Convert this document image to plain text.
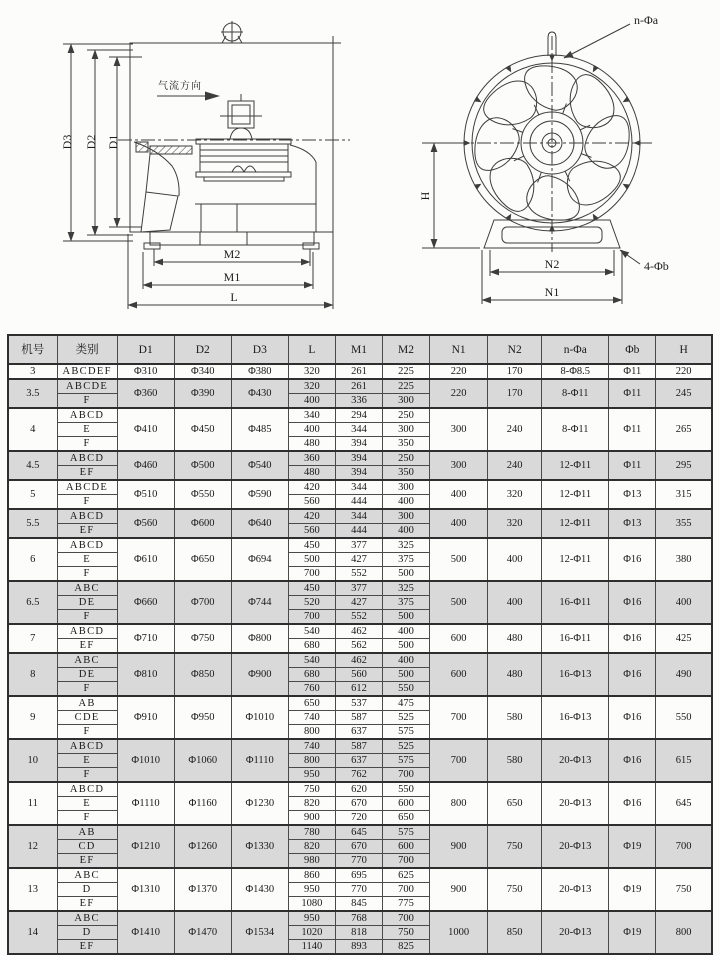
气流方向
D3 D2 D1
M2
M1
L
n-Φa
4-Φb
H
N2
N1
机号	类别	D1	D2	D3	L	M1	M2	N1	N2	n-Φa	Φb	H
3	ABCDEF	Φ310	Φ340	Φ380	320	261	225	220	170	8-Φ8.5	Φ11	220
3.5	ABCDE	Φ360	Φ390	Φ430	320	261	225	220	170	8-Φ11	Φ11	245
	F				400	336	300					
4	ABCD	Φ410	Φ450	Φ485	340	294	250	300	240	8-Φ11	Φ11	265
	E				400	344	300					
	F				480	394	350					
4.5	ABCD	Φ460	Φ500	Φ540	360	394	250	300	240	12-Φ11	Φ11	295
	EF				480	394	350					
5	ABCDE	Φ510	Φ550	Φ590	420	344	300	400	320	12-Φ11	Φ13	315
	F				560	444	400					
5.5	ABCD	Φ560	Φ600	Φ640	420	344	300	400	320	12-Φ11	Φ13	355
	EF				560	444	400					
6	ABCD	Φ610	Φ650	Φ694	450	377	325	500	400	12-Φ11	Φ16	380
	E				500	427	375					
	F				700	552	500					
6.5	ABC	Φ660	Φ700	Φ744	450	377	325	500	400	16-Φ11	Φ16	400
	DE				520	427	375					
	F				700	552	500					
7	ABCD	Φ710	Φ750	Φ800	540	462	400	600	480	16-Φ11	Φ16	425
	EF				680	562	500					
8	ABC	Φ810	Φ850	Φ900	540	462	400	600	480	16-Φ13	Φ16	490
	DE				680	560	500					
	F				760	612	550					
9	AB	Φ910	Φ950	Φ1010	650	537	475	700	580	16-Φ13	Φ16	550
	CDE				740	587	525					
	F				800	637	575					
10	ABCD	Φ1010	Φ1060	Φ1110	740	587	525	700	580	20-Φ13	Φ16	615
	E				800	637	575					
	F				950	762	700					
11	ABCD	Φ1110	Φ1160	Φ1230	750	620	550	800	650	20-Φ13	Φ16	645
	E				820	670	600					
	F				900	720	650					
12	AB	Φ1210	Φ1260	Φ1330	780	645	575	900	750	20-Φ13	Φ19	700
	CD				820	670	600					
	EF				980	770	700					
13	ABC	Φ1310	Φ1370	Φ1430	860	695	625	900	750	20-Φ13	Φ19	750
	D				950	770	700					
	EF				1080	845	775					
14	ABC	Φ1410	Φ1470	Φ1534	950	768	700	1000	850	20-Φ13	Φ19	800
	D				1020	818	750					
	EF				1140	893	825					
